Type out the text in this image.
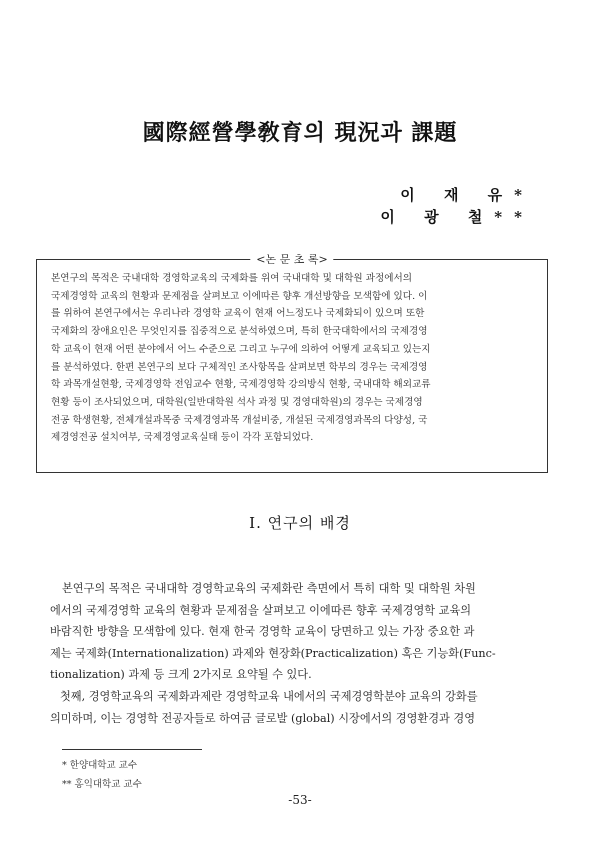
國際經營學敎育의 現況과 課題
이 재 유*
이 광 철**
<논 문 초 록>
본연구의 목적은 국내대학 경영학교육의 국제화를 위여 국내대학 및 대학원 과정에서의
국제경영학 교육의 현황과 문제점을 살펴보고 이에따른 향후 개선방향을 모색함에 있다. 이
를 위하여 본연구에서는 우리나라 경영학 교육이 현재 어느정도나 국제화되이 있으며 또한
국제화의 장애요인은 무엇인지를 집중적으로 분석하였으며, 특히 한국대학에서의 국제경영
학 교육이 현재 어떤 분야에서 어느 수준으로 그리고 누구에 의하여 어떻게 교육되고 있는지
를 분석하였다. 한편 본연구의 보다 구체적인 조사항목을 살펴보면 학부의 경우는 국제경영
학 과목개설현황, 국제경영학 전임교수 현황, 국제경영학 강의방식 현황, 국내대학 해외교류
현황 등이 조사되었으며, 대학원(일반대학원 석사 과정 및 경영대학원)의 경우는 국제경영
전공 학생현황, 전체개설과목중 국제경영과목 개설비중, 개설된 국제경영과목의 다양성, 국
제경영전공 설치여부, 국제경영교육실태 등이 각각 포함되었다.
I. 연구의 배경
본연구의 목적은 국내대학 경영학교육의 국제화란 측면에서 특히 대학 및 대학원 차원
에서의 국제경영학 교육의 현황과 문제점을 살펴보고 이에따른 향후 국제경영학 교육의
바람직한 방향을 모색함에 있다. 현재 한국 경영학 교육이 당면하고 있는 가장 중요한 과
제는 국제화(Internationalization) 과제와 현장화(Practicalization) 혹은 기능화(Func-
tionalization) 과제 등 크게 2가지로 요약될 수 있다.
첫째, 경영학교육의 국제화과제란 경영학교육 내에서의 국제경영학분야 교육의 강화를
의미하며, 이는 경영학 전공자들로 하여금 글로발 (global) 시장에서의 경영환경과 경영
* 한양대학교 교수
** 홍익대학교 교수
-53-
